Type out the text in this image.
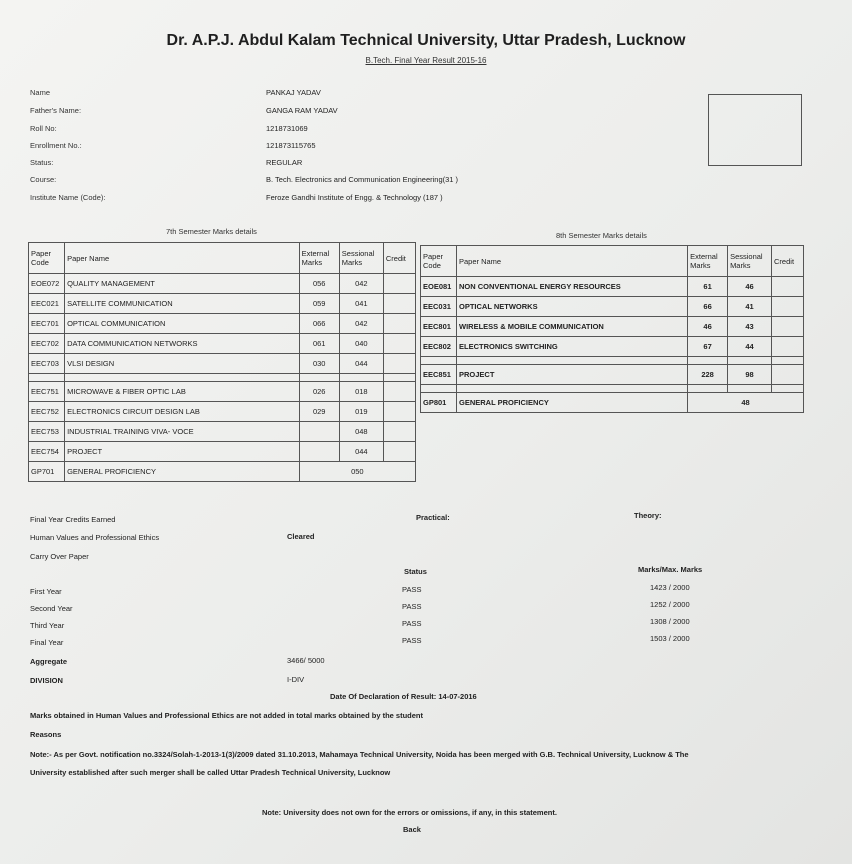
Dr. A.P.J. Abdul Kalam Technical University, Uttar Pradesh, Lucknow
B.Tech. Final Year Result 2015-16
Name	PANKAJ YADAV
Father's Name:	GANGA RAM YADAV
Roll No:	1218731069
Enrollment No.:	121873115765
Status:	REGULAR
Course:	B. Tech. Electronics and Communication Engineering(31 )
Institute Name (Code):	Feroze Gandhi Institute of Engg. & Technology (187 )
7th Semester Marks details
Paper Code	Paper Name	External Marks	Sessional Marks	Credit
EOE072	QUALITY MANAGEMENT	056	042	
EEC021	SATELLITE COMMUNICATION	059	041	
EEC701	OPTICAL COMMUNICATION	066	042	
EEC702	DATA COMMUNICATION NETWORKS	061	040	
EEC703	VLSI DESIGN	030	044	

EEC751	MICROWAVE & FIBER OPTIC LAB	026	018	
EEC752	ELECTRONICS CIRCUIT DESIGN LAB	029	019	
EEC753	INDUSTRIAL TRAINING VIVA- VOCE		048	
EEC754	PROJECT		044	
GP701	GENERAL PROFICIENCY	050		
8th Semester Marks details
Paper Code	Paper Name	External Marks	Sessional Marks	Credit
EOE081	NON CONVENTIONAL ENERGY RESOURCES	61	46	
EEC031	OPTICAL NETWORKS	66	41	
EEC801	WIRELESS & MOBILE COMMUNICATION	46	43	
EEC802	ELECTRONICS SWITCHING	67	44	

EEC851	PROJECT	228	98	

GP801	GENERAL PROFICIENCY	48		
Final Year Credits Earned	Practical:	Theory:
Human Values and Professional Ethics	Cleared
Carry Over Paper
Status	Marks/Max. Marks
First Year	PASS	1423 / 2000
Second Year	PASS	1252 / 2000
Third Year	PASS	1308 / 2000
Final Year	PASS	1503 / 2000
Aggregate	3466/ 5000
DIVISION	I-DIV
Date Of Declaration of Result: 14-07-2016
Marks obtained in Human Values and Professional Ethics are not added in total marks obtained by the student
Reasons
Note:- As per Govt. notification no.3324/Solah-1-2013-1(3)/2009 dated 31.10.2013, Mahamaya Technical University, Noida has been merged with G.B. Technical University, Lucknow & The
University established after such merger shall be called Uttar Pradesh Technical University, Lucknow
Note: University does not own for the errors or omissions, if any, in this statement.
Back
